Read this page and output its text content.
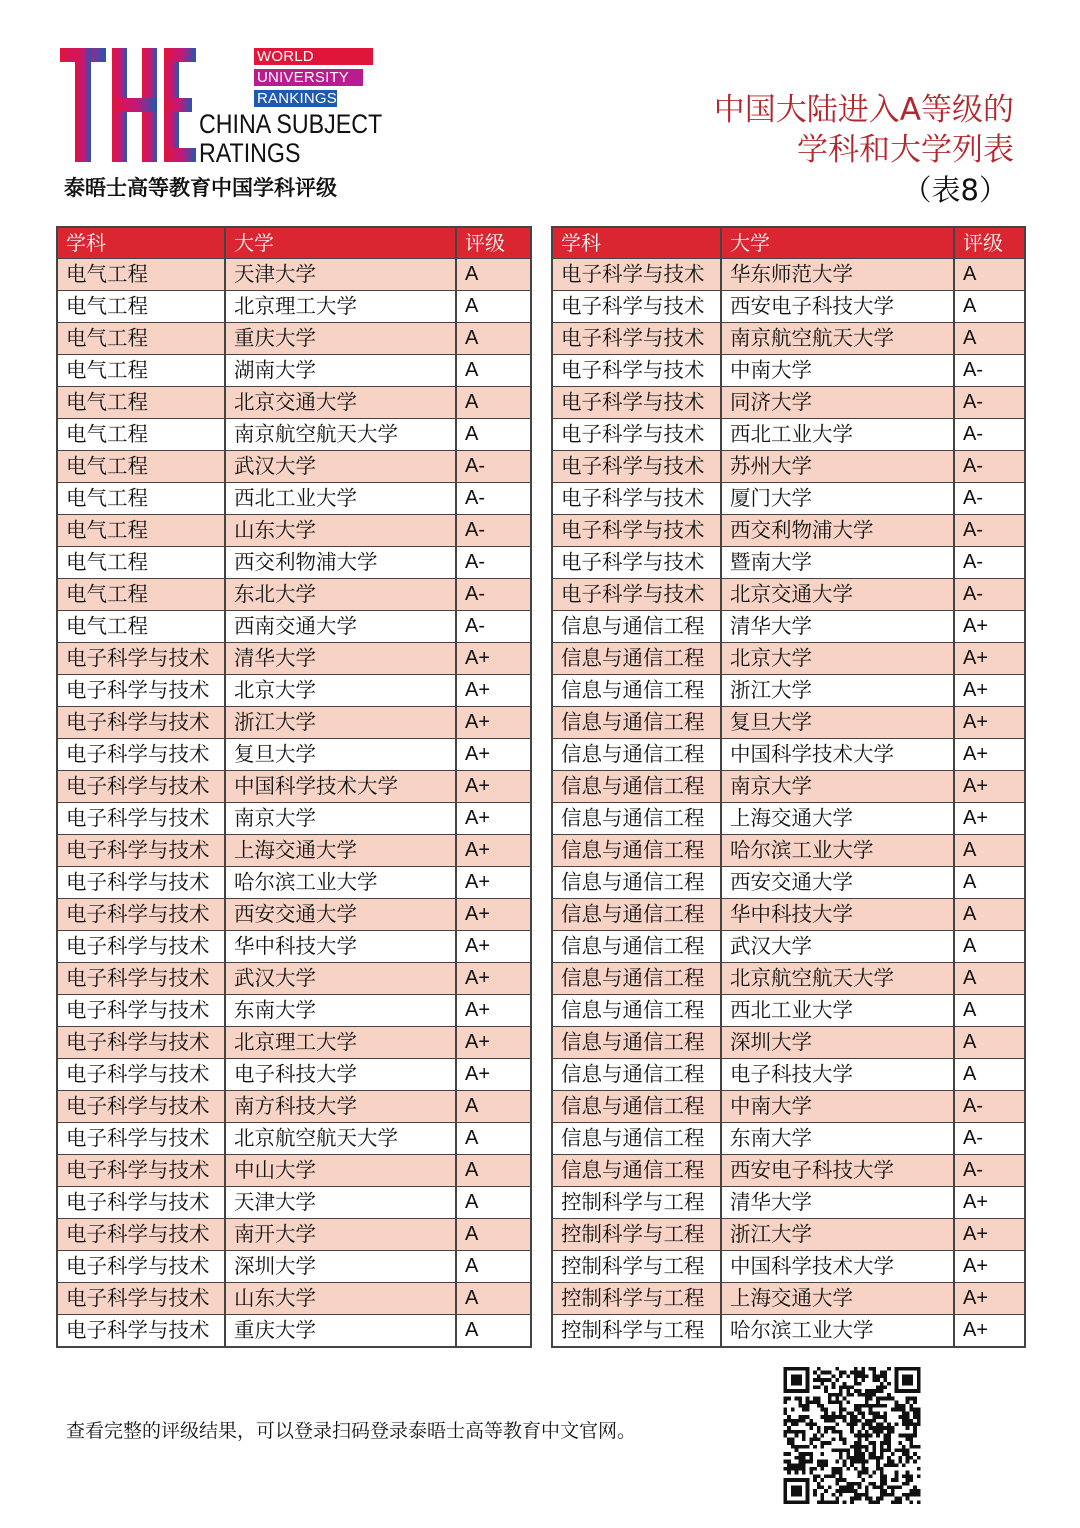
WORLD
UNIVERSITY
RANKINGS
CHINA SUBJECT
RATINGS
泰晤士高等教育中国学科评级
中国大陆进入A等级的
学科和大学列表
（表8）
学科	大学	评级
电气工程	天津大学	A
电气工程	北京理工大学	A
电气工程	重庆大学	A
电气工程	湖南大学	A
电气工程	北京交通大学	A
电气工程	南京航空航天大学	A
电气工程	武汉大学	A-
电气工程	西北工业大学	A-
电气工程	山东大学	A-
电气工程	西交利物浦大学	A-
电气工程	东北大学	A-
电气工程	西南交通大学	A-
电子科学与技术	清华大学	A+
电子科学与技术	北京大学	A+
电子科学与技术	浙江大学	A+
电子科学与技术	复旦大学	A+
电子科学与技术	中国科学技术大学	A+
电子科学与技术	南京大学	A+
电子科学与技术	上海交通大学	A+
电子科学与技术	哈尔滨工业大学	A+
电子科学与技术	西安交通大学	A+
电子科学与技术	华中科技大学	A+
电子科学与技术	武汉大学	A+
电子科学与技术	东南大学	A+
电子科学与技术	北京理工大学	A+
电子科学与技术	电子科技大学	A+
电子科学与技术	南方科技大学	A
电子科学与技术	北京航空航天大学	A
电子科学与技术	中山大学	A
电子科学与技术	天津大学	A
电子科学与技术	南开大学	A
电子科学与技术	深圳大学	A
电子科学与技术	山东大学	A
电子科学与技术	重庆大学	A
学科	大学	评级
电子科学与技术	华东师范大学	A
电子科学与技术	西安电子科技大学	A
电子科学与技术	南京航空航天大学	A
电子科学与技术	中南大学	A-
电子科学与技术	同济大学	A-
电子科学与技术	西北工业大学	A-
电子科学与技术	苏州大学	A-
电子科学与技术	厦门大学	A-
电子科学与技术	西交利物浦大学	A-
电子科学与技术	暨南大学	A-
电子科学与技术	北京交通大学	A-
信息与通信工程	清华大学	A+
信息与通信工程	北京大学	A+
信息与通信工程	浙江大学	A+
信息与通信工程	复旦大学	A+
信息与通信工程	中国科学技术大学	A+
信息与通信工程	南京大学	A+
信息与通信工程	上海交通大学	A+
信息与通信工程	哈尔滨工业大学	A
信息与通信工程	西安交通大学	A
信息与通信工程	华中科技大学	A
信息与通信工程	武汉大学	A
信息与通信工程	北京航空航天大学	A
信息与通信工程	西北工业大学	A
信息与通信工程	深圳大学	A
信息与通信工程	电子科技大学	A
信息与通信工程	中南大学	A-
信息与通信工程	东南大学	A-
信息与通信工程	西安电子科技大学	A-
控制科学与工程	清华大学	A+
控制科学与工程	浙江大学	A+
控制科学与工程	中国科学技术大学	A+
控制科学与工程	上海交通大学	A+
控制科学与工程	哈尔滨工业大学	A+
查看完整的评级结果，可以登录扫码登录泰晤士高等教育中文官网。
